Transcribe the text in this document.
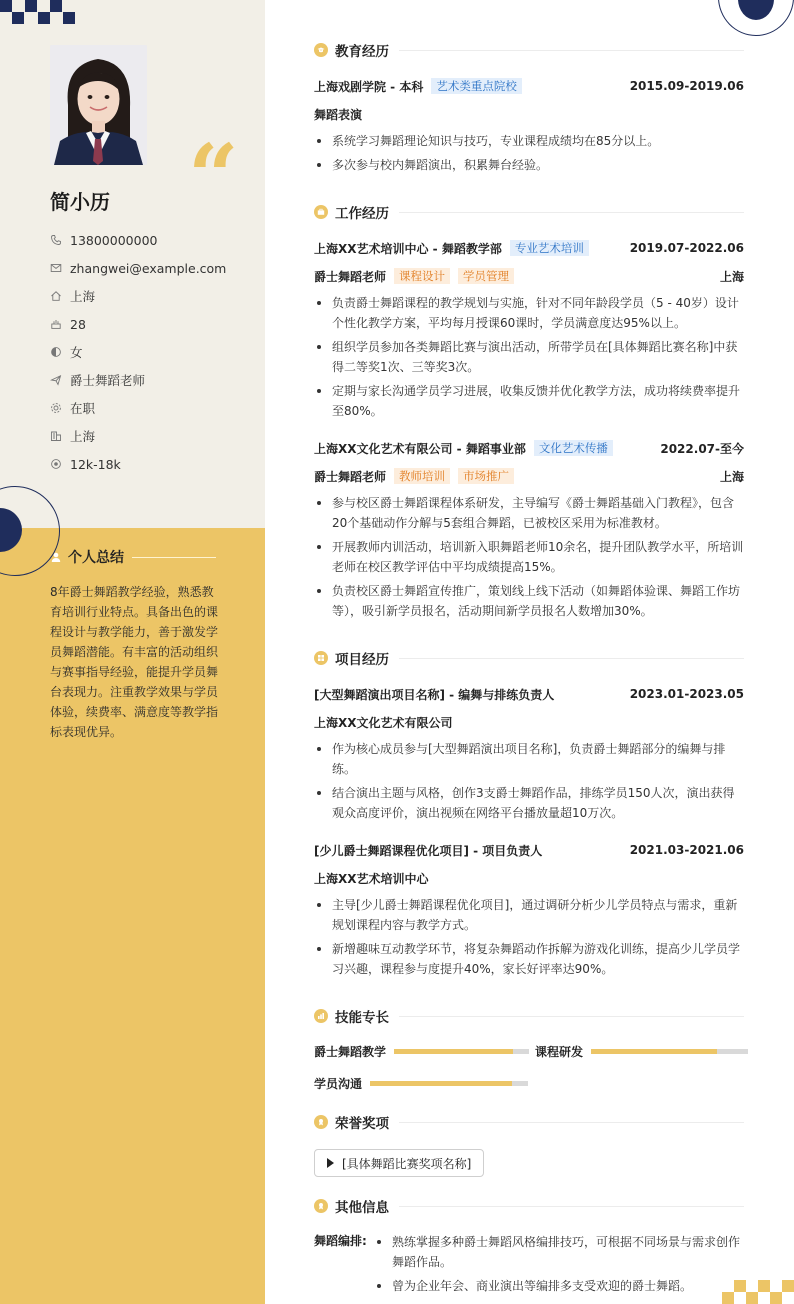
“
简小历
13800000000
zhangwei@example.com
上海
28
女
爵士舞蹈老师
在职
上海
12k-18k
个人总结
8年爵士舞蹈教学经验，熟悉教育培训行业特点。具备出色的课程设计与教学能力，善于激发学员舞蹈潜能。有丰富的活动组织与赛事指导经验，能提升学员舞台表现力。注重教学效果与学员体验，续费率、满意度等教学指标表现优异。
教育经历
上海戏剧学院 - 本科	艺术类重点院校	2015.09-2019.06
舞蹈表演
系统学习舞蹈理论知识与技巧，专业课程成绩均在85分以上。
多次参与校内舞蹈演出，积累舞台经验。
工作经历
上海XX艺术培训中心 - 舞蹈教学部	专业艺术培训	2019.07-2022.06
爵士舞蹈老师	课程设计	学员管理	上海
负责爵士舞蹈课程的教学规划与实施，针对不同年龄段学员（5 - 40岁）设计个性化教学方案，平均每月授课60课时，学员满意度达95%以上。
组织学员参加各类舞蹈比赛与演出活动，所带学员在[具体舞蹈比赛名称]中获得二等奖1次、三等奖3次。
定期与家长沟通学员学习进展，收集反馈并优化教学方法，成功将续费率提升至80%。
上海XX文化艺术有限公司 - 舞蹈事业部	文化艺术传播	2022.07-至今
爵士舞蹈老师	教师培训	市场推广	上海
参与校区爵士舞蹈课程体系研发，主导编写《爵士舞蹈基础入门教程》，包含20个基础动作分解与5套组合舞蹈，已被校区采用为标准教材。
开展教师内训活动，培训新入职舞蹈老师10余名，提升团队教学水平，所培训老师在校区教学评估中平均成绩提高15%。
负责校区爵士舞蹈宣传推广，策划线上线下活动（如舞蹈体验课、舞蹈工作坊等），吸引新学员报名，活动期间新学员报名人数增加30%。
项目经历
[大型舞蹈演出项目名称] - 编舞与排练负责人	2023.01-2023.05
上海XX文化艺术有限公司
作为核心成员参与[大型舞蹈演出项目名称]，负责爵士舞蹈部分的编舞与排练。
结合演出主题与风格，创作3支爵士舞蹈作品，排练学员150人次，演出获得观众高度评价，演出视频在网络平台播放量超10万次。
[少儿爵士舞蹈课程优化项目] - 项目负责人	2021.03-2021.06
上海XX艺术培训中心
主导[少儿爵士舞蹈课程优化项目]，通过调研分析少儿学员特点与需求，重新规划课程内容与教学方式。
新增趣味互动教学环节，将复杂舞蹈动作拆解为游戏化训练，提高少儿学员学习兴趣，课程参与度提升40%，家长好评率达90%。
技能专长
爵士舞蹈教学	课程研发
学员沟通
荣誉奖项
[具体舞蹈比赛奖项名称]
其他信息
舞蹈编排:	熟练掌握多种爵士舞蹈风格编排技巧，可根据不同场景与需求创作舞蹈作品。
曾为企业年会、商业演出等编排多支受欢迎的爵士舞蹈。
